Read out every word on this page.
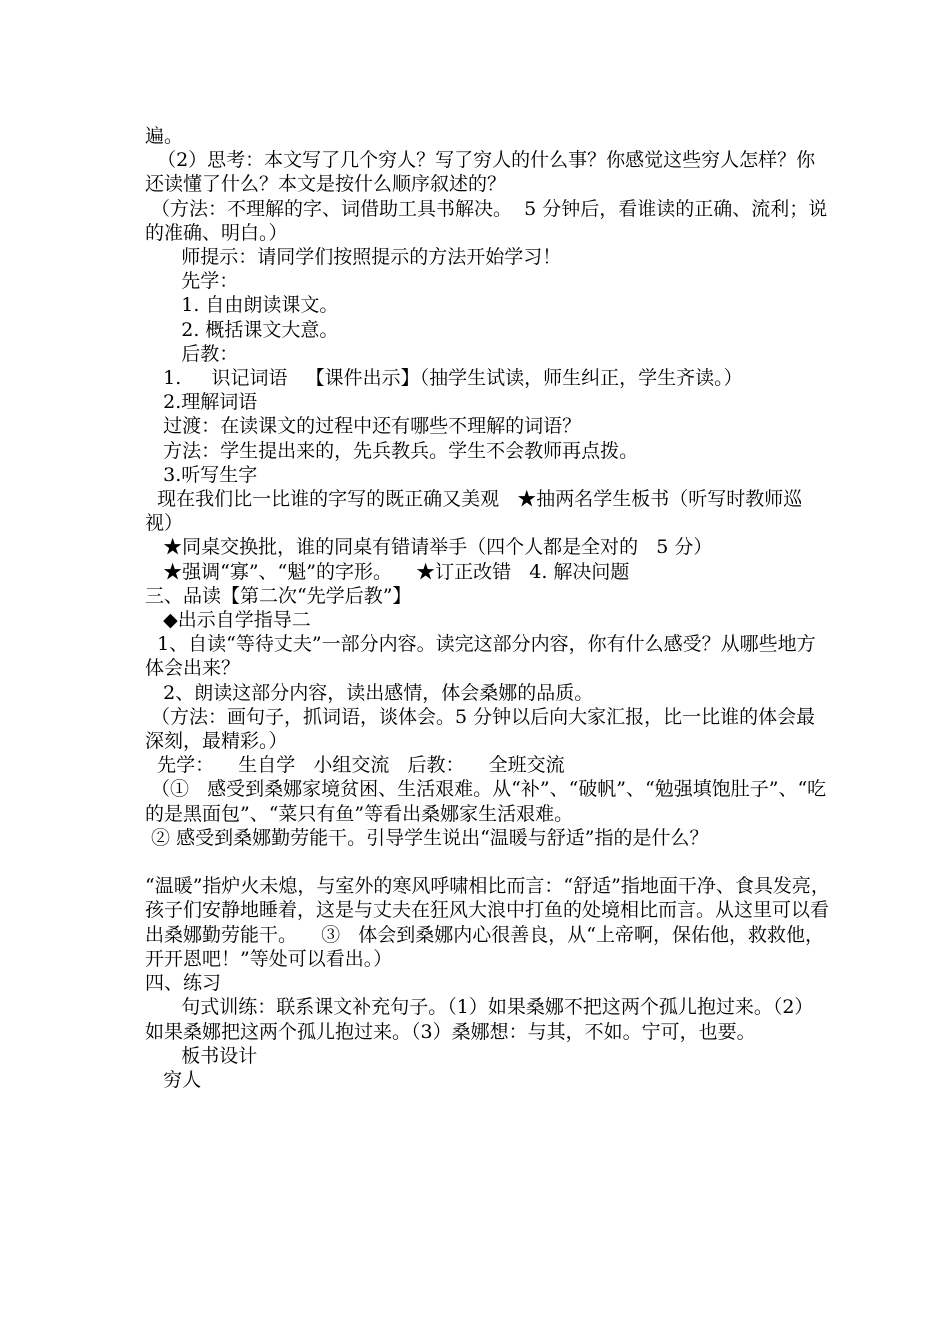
遍。

（2）思考：本文写了几个穷人？写了穷人的什么事？你感觉这些穷人怎样？你还读懂了什么？本文是按什么顺序叙述的？

（方法：不理解的字、词借助工具书解决。  5 分钟后，看谁读的正确、流利；说的准确、明白。）

师提示：请同学们按照提示的方法开始学习！

先学：

1. 自由朗读课文。

2. 概括课文大意。

后教：

1.     识记词语   【课件出示】（抽学生试读，师生纠正，学生齐读。）

2.理解词语

过渡：在读课文的过程中还有哪些不理解的词语？

方法：学生提出来的，先兵教兵。学生不会教师再点拨。

3.听写生字

现在我们比一比谁的字写的既正确又美观   ★抽两名学生板书（听写时教师巡视）

★同桌交换批，谁的同桌有错请举手（四个人都是全对的   5 分）

★强调“寡”、“魁”的字形。    ★订正改错   4. 解决问题

三、品读【第二次“先学后教”】

◆出示自学指导二

1、自读“等待丈夫”一部分内容。读完这部分内容，你有什么感受？从哪些地方体会出来？

2、朗读这部分内容，读出感情，体会桑娜的品质。

（方法：画句子，抓词语，谈体会。5 分钟以后向大家汇报，比一比谁的体会最深刻，最精彩。）

先学：    生自学   小组交流   后教：    全班交流

（①   感受到桑娜家境贫困、生活艰难。从“补”、“破帆”、“勉强填饱肚子”、“吃的是黑面包”、“菜只有鱼”等看出桑娜家生活艰难。

② 感受到桑娜勤劳能干。引导学生说出“温暖与舒适”指的是什么？

“温暖”指炉火未熄，与室外的寒风呼啸相比而言：“舒适”指地面干净、食具发亮，孩子们安静地睡着，这是与丈夫在狂风大浪中打鱼的处境相比而言。从这里可以看出桑娜勤劳能干。    ③   体会到桑娜内心很善良，从“上帝啊，保佑他，救救他，开开恩吧！”等处可以看出。）

四、练习

句式训练：联系课文补充句子。（1）如果桑娜不把这两个孤儿抱过来。（2）如果桑娜把这两个孤儿抱过来。（3）桑娜想：与其，不如。宁可，也要。

板书设计

穷人
